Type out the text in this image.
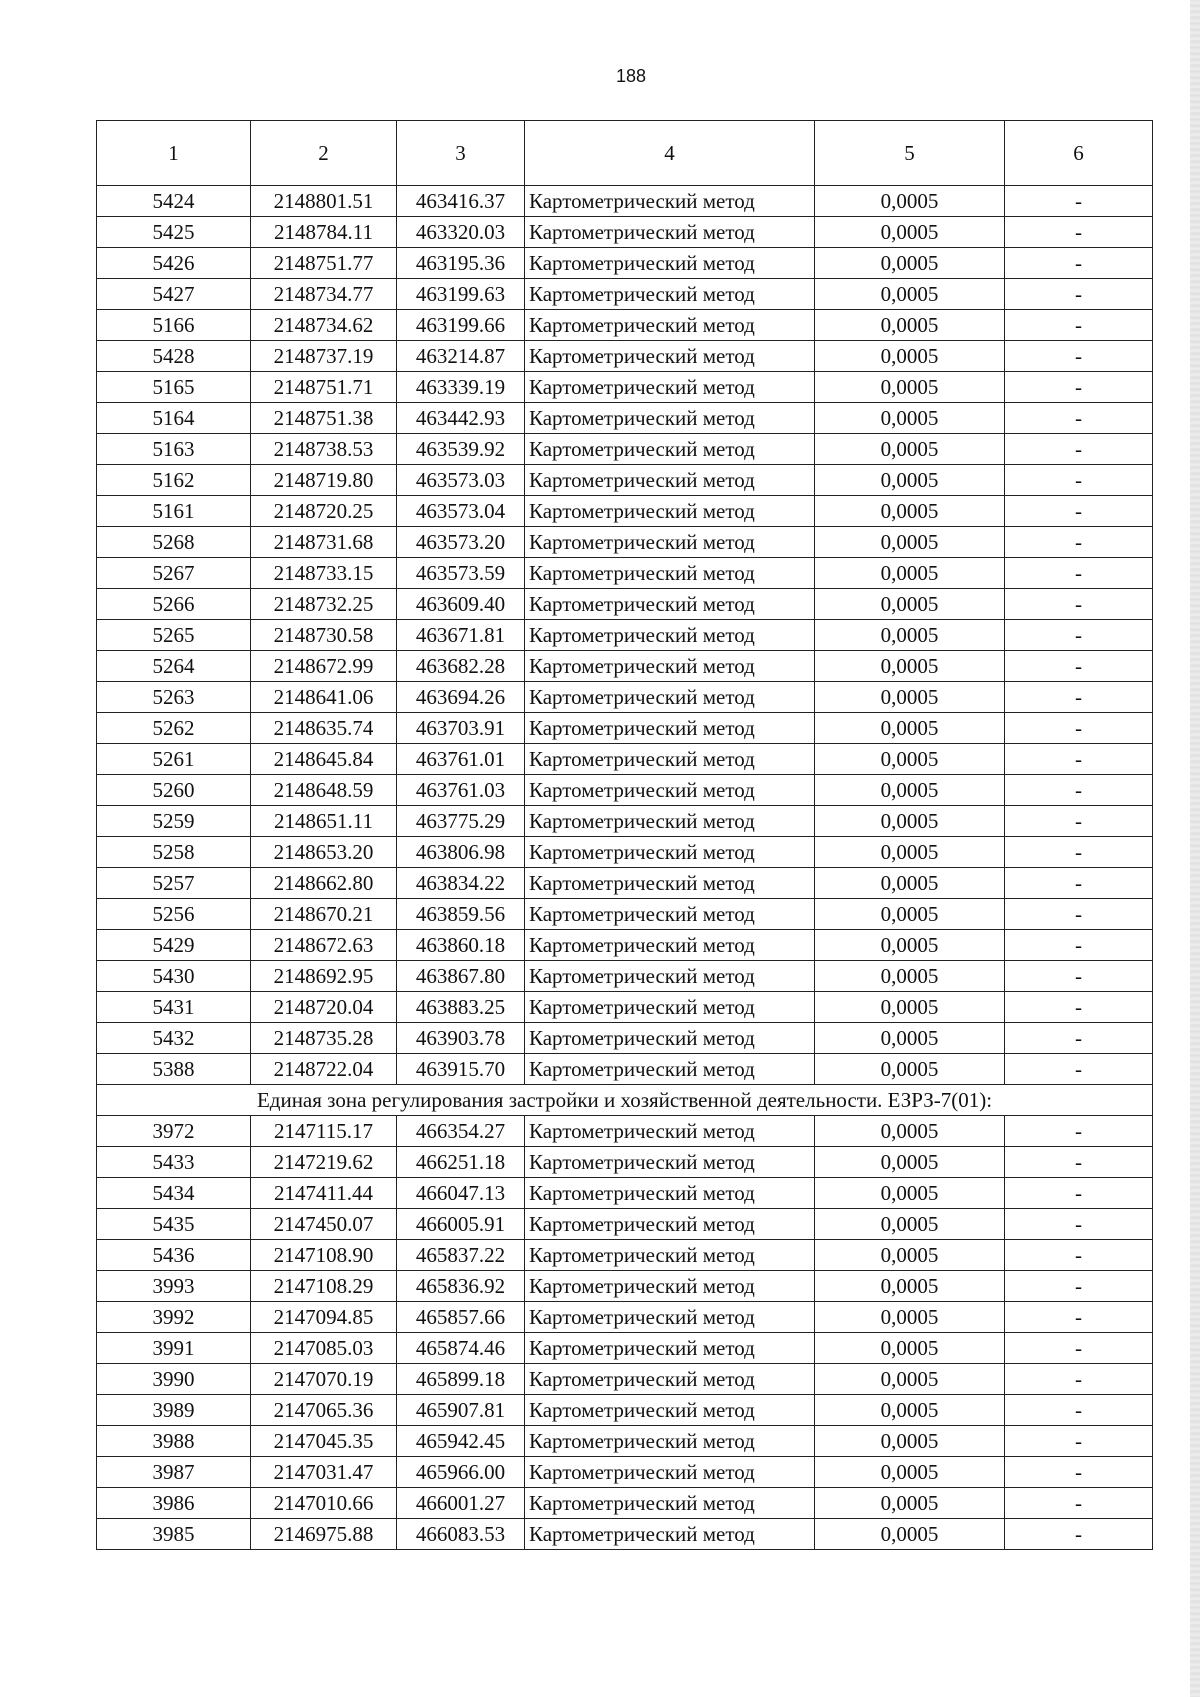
188
1	2	3	4	5	6
5424	2148801.51	463416.37	Картометрический метод	0,0005	-
5425	2148784.11	463320.03	Картометрический метод	0,0005	-
5426	2148751.77	463195.36	Картометрический метод	0,0005	-
5427	2148734.77	463199.63	Картометрический метод	0,0005	-
5166	2148734.62	463199.66	Картометрический метод	0,0005	-
5428	2148737.19	463214.87	Картометрический метод	0,0005	-
5165	2148751.71	463339.19	Картометрический метод	0,0005	-
5164	2148751.38	463442.93	Картометрический метод	0,0005	-
5163	2148738.53	463539.92	Картометрический метод	0,0005	-
5162	2148719.80	463573.03	Картометрический метод	0,0005	-
5161	2148720.25	463573.04	Картометрический метод	0,0005	-
5268	2148731.68	463573.20	Картометрический метод	0,0005	-
5267	2148733.15	463573.59	Картометрический метод	0,0005	-
5266	2148732.25	463609.40	Картометрический метод	0,0005	-
5265	2148730.58	463671.81	Картометрический метод	0,0005	-
5264	2148672.99	463682.28	Картометрический метод	0,0005	-
5263	2148641.06	463694.26	Картометрический метод	0,0005	-
5262	2148635.74	463703.91	Картометрический метод	0,0005	-
5261	2148645.84	463761.01	Картометрический метод	0,0005	-
5260	2148648.59	463761.03	Картометрический метод	0,0005	-
5259	2148651.11	463775.29	Картометрический метод	0,0005	-
5258	2148653.20	463806.98	Картометрический метод	0,0005	-
5257	2148662.80	463834.22	Картометрический метод	0,0005	-
5256	2148670.21	463859.56	Картометрический метод	0,0005	-
5429	2148672.63	463860.18	Картометрический метод	0,0005	-
5430	2148692.95	463867.80	Картометрический метод	0,0005	-
5431	2148720.04	463883.25	Картометрический метод	0,0005	-
5432	2148735.28	463903.78	Картометрический метод	0,0005	-
5388	2148722.04	463915.70	Картометрический метод	0,0005	-
Единая зона регулирования застройки и хозяйственной деятельности. ЕЗРЗ-7(01):					
3972	2147115.17	466354.27	Картометрический метод	0,0005	-
5433	2147219.62	466251.18	Картометрический метод	0,0005	-
5434	2147411.44	466047.13	Картометрический метод	0,0005	-
5435	2147450.07	466005.91	Картометрический метод	0,0005	-
5436	2147108.90	465837.22	Картометрический метод	0,0005	-
3993	2147108.29	465836.92	Картометрический метод	0,0005	-
3992	2147094.85	465857.66	Картометрический метод	0,0005	-
3991	2147085.03	465874.46	Картометрический метод	0,0005	-
3990	2147070.19	465899.18	Картометрический метод	0,0005	-
3989	2147065.36	465907.81	Картометрический метод	0,0005	-
3988	2147045.35	465942.45	Картометрический метод	0,0005	-
3987	2147031.47	465966.00	Картометрический метод	0,0005	-
3986	2147010.66	466001.27	Картометрический метод	0,0005	-
3985	2146975.88	466083.53	Картометрический метод	0,0005	-
